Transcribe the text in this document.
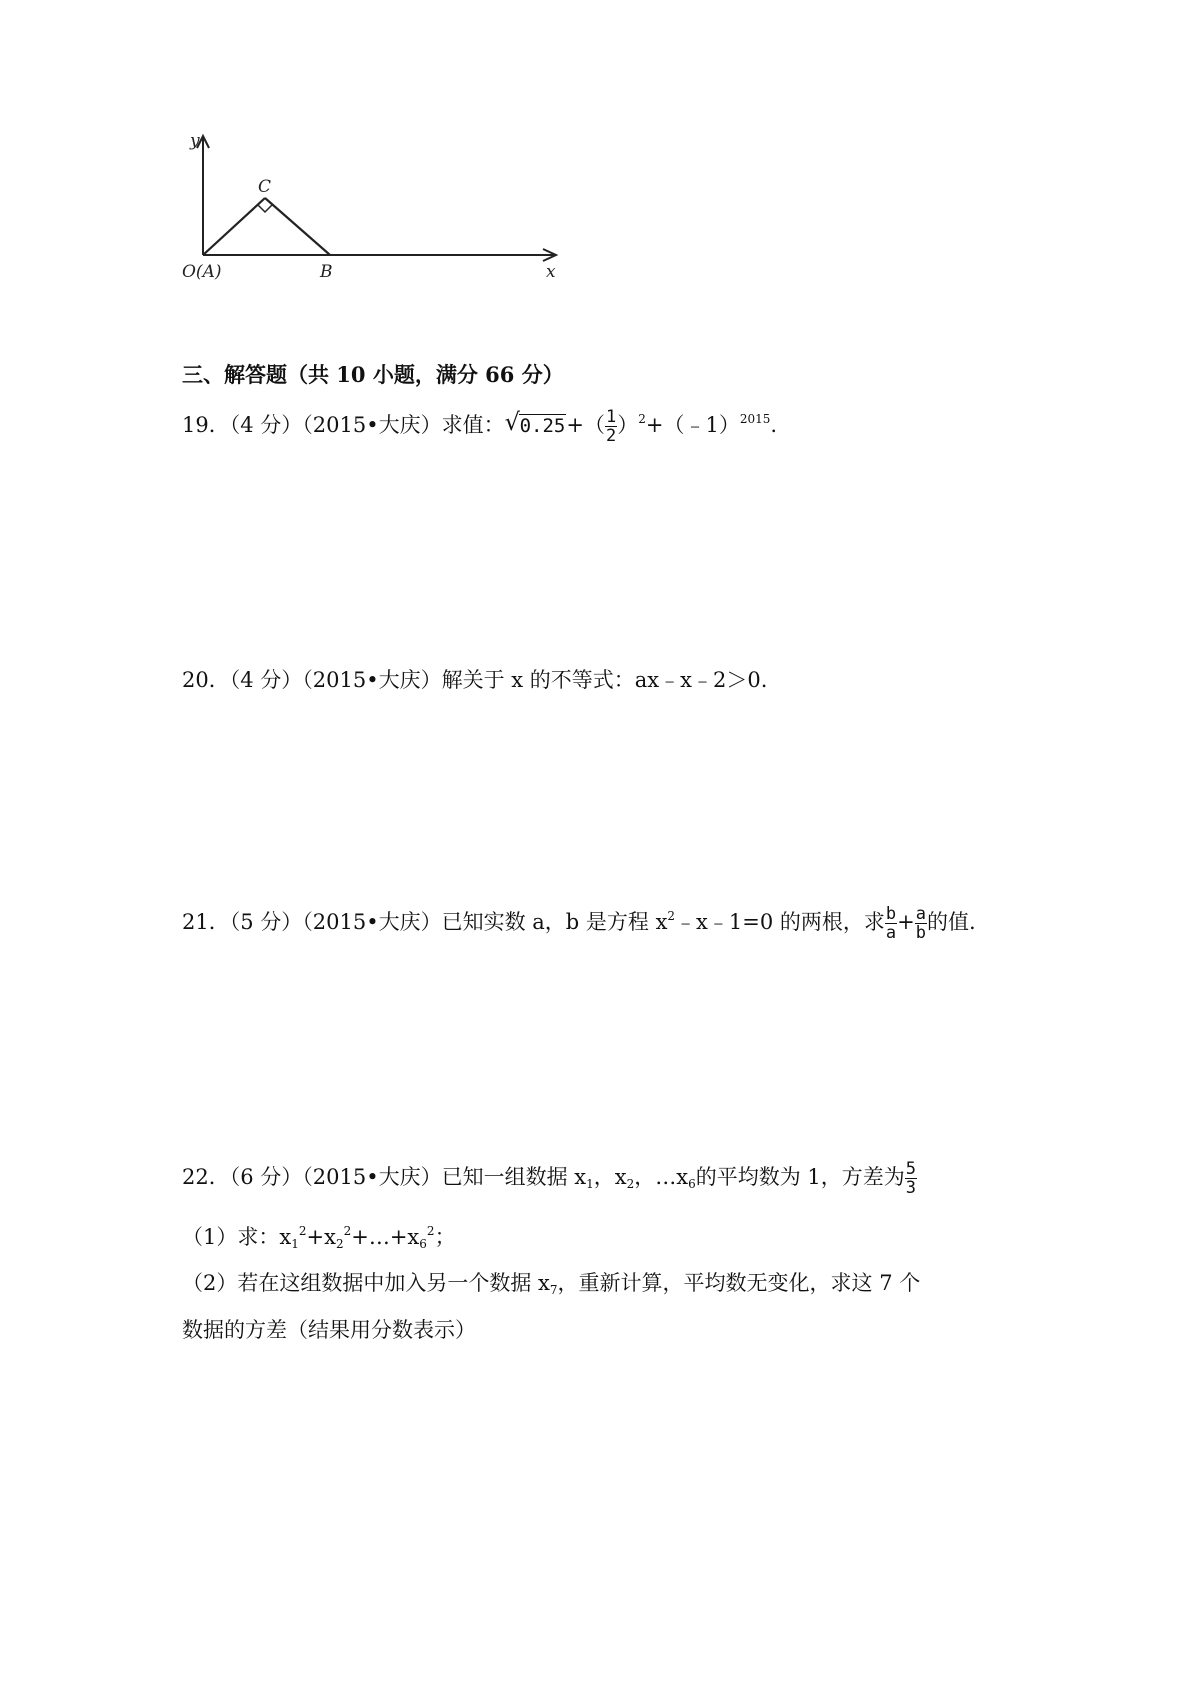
y
x
C
O(A)	B
三、解答题（共 10 小题，满分 66 分）
19．（4 分）（2015•大庆）求值： √ $0.25+( \frac{1}{2}$ ）$^2+(﹣1)^{2015}$.
20．（4 分）（2015•大庆）解关于 x 的不等式：ax﹣x﹣2＞0.
21．（5 分）（2015•大庆）已知实数 a，b 是方程 $x^2﹣x﹣1=0$ 的两根，求 $\frac{b}{a} + \frac{a}{b}$ 的值.
22．（6 分）（2015•大庆）已知一组数据 $x_1$，$x_2$，$\dots x_6$的平均数为 1，方差为 $\frac{5}{3}$
（1）求：$x_1^2+x_2^2+\dots+x_6^2$；
（2）若在这组数据中加入另一个数据 $x_7$，重新计算，平均数无变化，求这 7 个
数据的方差（结果用分数表示）
